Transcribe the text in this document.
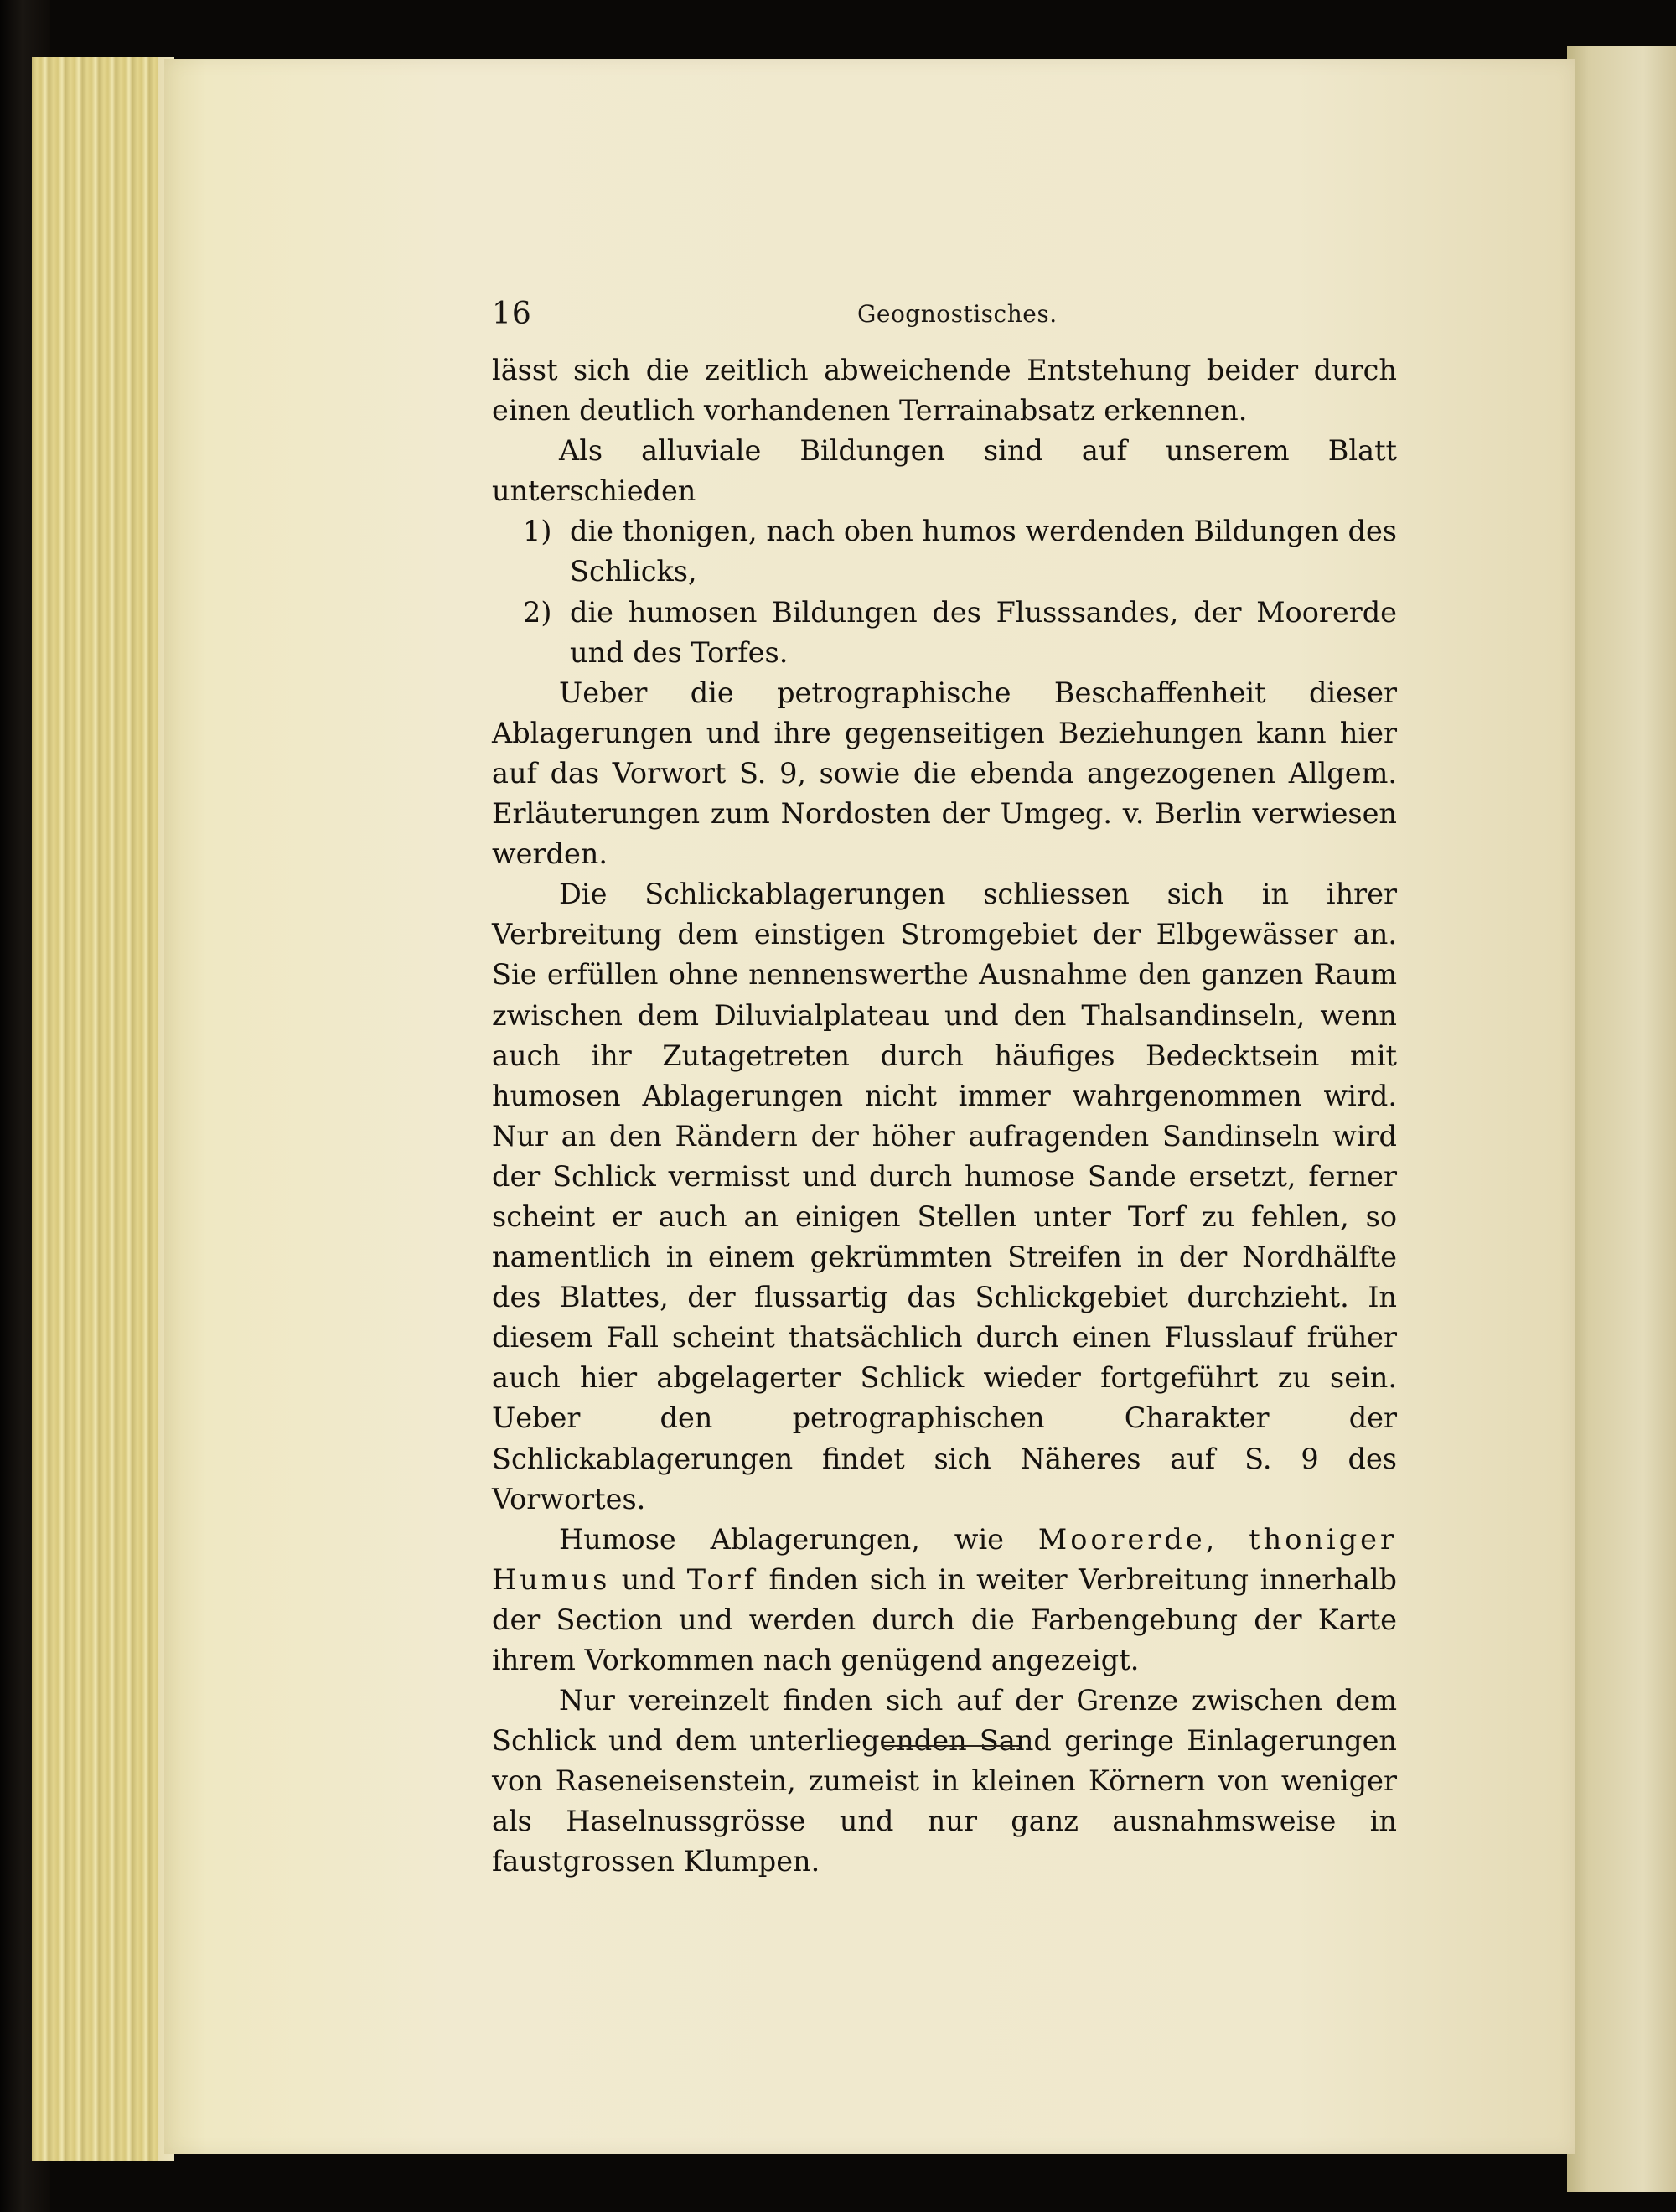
16	Geognostisches.

lässt sich die zeitlich abweichende Entstehung beider durch einen deutlich vorhandenen Terrainabsatz erkennen.

Als alluviale Bildungen sind auf unserem Blatt unterschieden

1) die thonigen, nach oben humos werdenden Bildungen des Schlicks,

2) die humosen Bildungen des Flusssandes, der Moorerde und des Torfes.

Ueber die petrographische Beschaffenheit dieser Ablagerungen und ihre gegenseitigen Beziehungen kann hier auf das Vorwort S. 9, sowie die ebenda angezogenen Allgem. Erläuterungen zum Nordosten der Umgeg. v. Berlin verwiesen werden.

Die Schlickablagerungen schliessen sich in ihrer Verbreitung dem einstigen Stromgebiet der Elbgewässer an. Sie erfüllen ohne nennenswerthe Ausnahme den ganzen Raum zwischen dem Diluvialplateau und den Thalsandinseln, wenn auch ihr Zutagetreten durch häufiges Bedecktsein mit humosen Ablagerungen nicht immer wahrgenommen wird. Nur an den Rändern der höher aufragenden Sandinseln wird der Schlick vermisst und durch humose Sande ersetzt, ferner scheint er auch an einigen Stellen unter Torf zu fehlen, so namentlich in einem gekrümmten Streifen in der Nordhälfte des Blattes, der flussartig das Schlickgebiet durchzieht. In diesem Fall scheint thatsächlich durch einen Flusslauf früher auch hier abgelagerter Schlick wieder fortgeführt zu sein. Ueber den petrographischen Charakter der Schlickablagerungen findet sich Näheres auf S. 9 des Vorwortes.

Humose Ablagerungen, wie Moorerde, thoniger Humus und Torf finden sich in weiter Verbreitung innerhalb der Section und werden durch die Farbengebung der Karte ihrem Vorkommen nach genügend angezeigt.

Nur vereinzelt finden sich auf der Grenze zwischen dem Schlick und dem unterliegenden Sand geringe Einlagerungen von Raseneisenstein, zumeist in kleinen Körnern von weniger als Haselnussgrösse und nur ganz ausnahmsweise in faustgrossen Klumpen.
